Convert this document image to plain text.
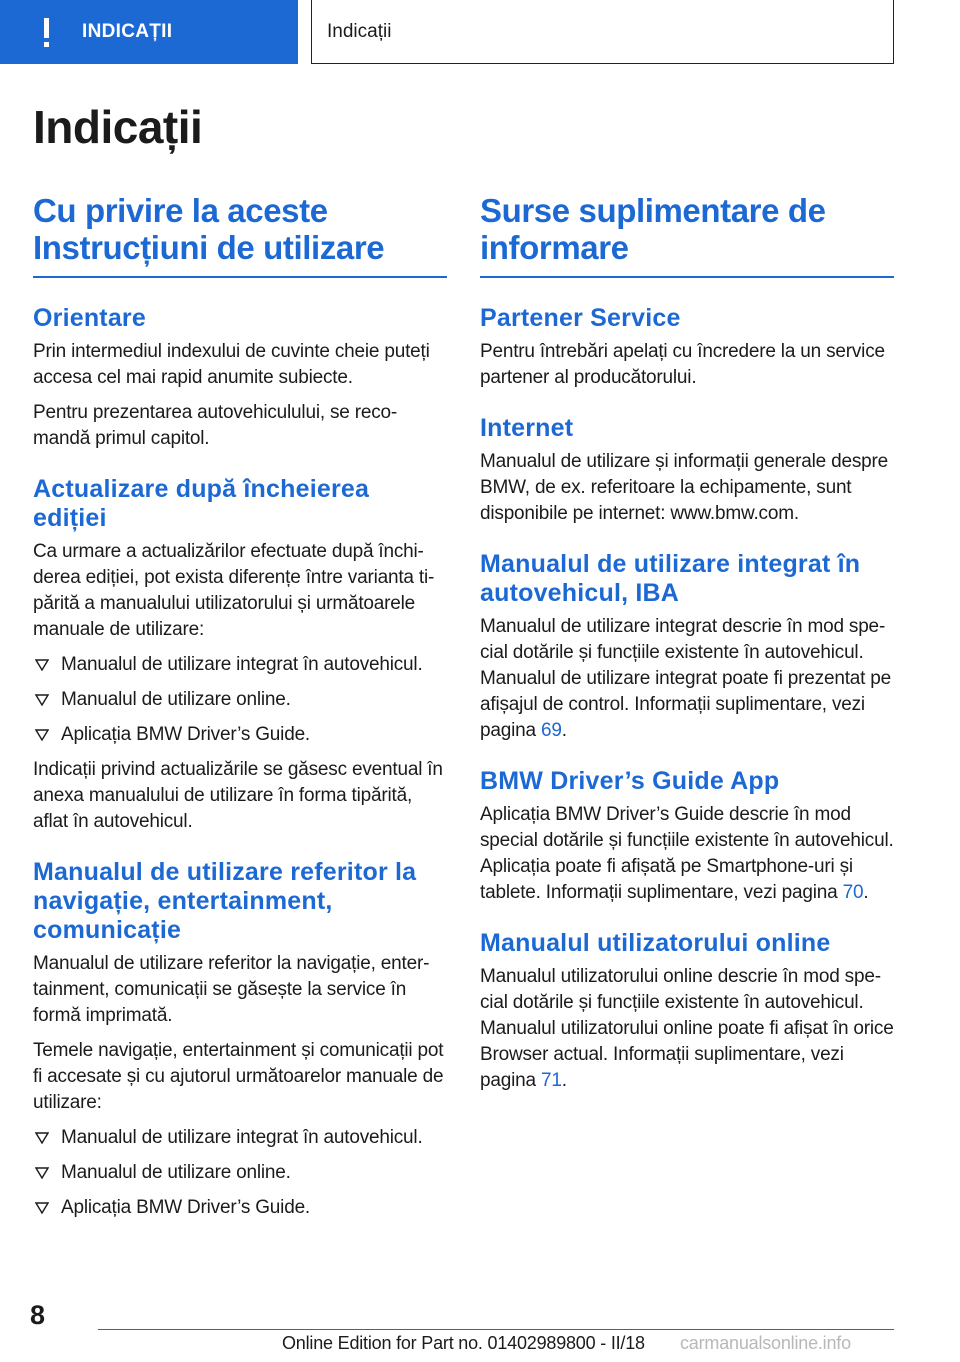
INDICAȚII	Indicații
Indicații
Cu privire la aceste
Instrucțiuni de utilizare
Orientare

Prin intermediul indexului de cuvinte cheie puteți accesa cel mai rapid anumite subiecte.

Pentru prezentarea autovehiculului, se recomandă primul capitol.

Actualizare după încheierea ediției

Ca urmare a actualizărilor efectuate după închiderea ediției, pot exista diferențe între varianta tipărită a manualului utilizatorului și următoarele manuale de utilizare:

Manualul de utilizare integrat în autovehicul.
Manualul de utilizare online.
Aplicația BMW Driver’s Guide.

Indicații privind actualizările se găsesc eventual în anexa manualului de utilizare în forma tipărită, aflat în autovehicul.

Manualul de utilizare referitor la navigație, entertainment, comunicație

Manualul de utilizare referitor la navigație, entertainment, comunicații se găsește la service în formă imprimată.

Temele navigație, entertainment și comunicații pot fi accesate și cu ajutorul următoarelor manuale de utilizare:

Manualul de utilizare integrat în autovehicul.
Manualul de utilizare online.
Aplicația BMW Driver’s Guide.
Surse suplimentare de
informare
Partener Service

Pentru întrebări apelați cu încredere la un service partener al producătorului.

Internet

Manualul de utilizare și informații generale despre BMW, de ex. referitoare la echipamente, sunt disponibile pe internet: www.bmw.com.

Manualul de utilizare integrat în autovehicul, IBA

Manualul de utilizare integrat descrie în mod special dotările și funcțiile existente în autovehicul. Manualul de utilizare integrat poate fi prezentat pe afișajul de control. Informații suplimentare, vezi pagina 69.

BMW Driver’s Guide App

Aplicația BMW Driver’s Guide descrie în mod special dotările și funcțiile existente în autovehicul. Aplicația poate fi afișată pe Smartphone-uri și tablete. Informații suplimentare, vezi pagina 70.

Manualul utilizatorului online

Manualul utilizatorului online descrie în mod special dotările și funcțiile existente în autovehicul. Manualul utilizatorului online poate fi afișat în orice Browser actual. Informații suplimentare, vezi pagina 71.

8
Online Edition for Part no. 01402989800 - II/18 carmanualsonline.info
